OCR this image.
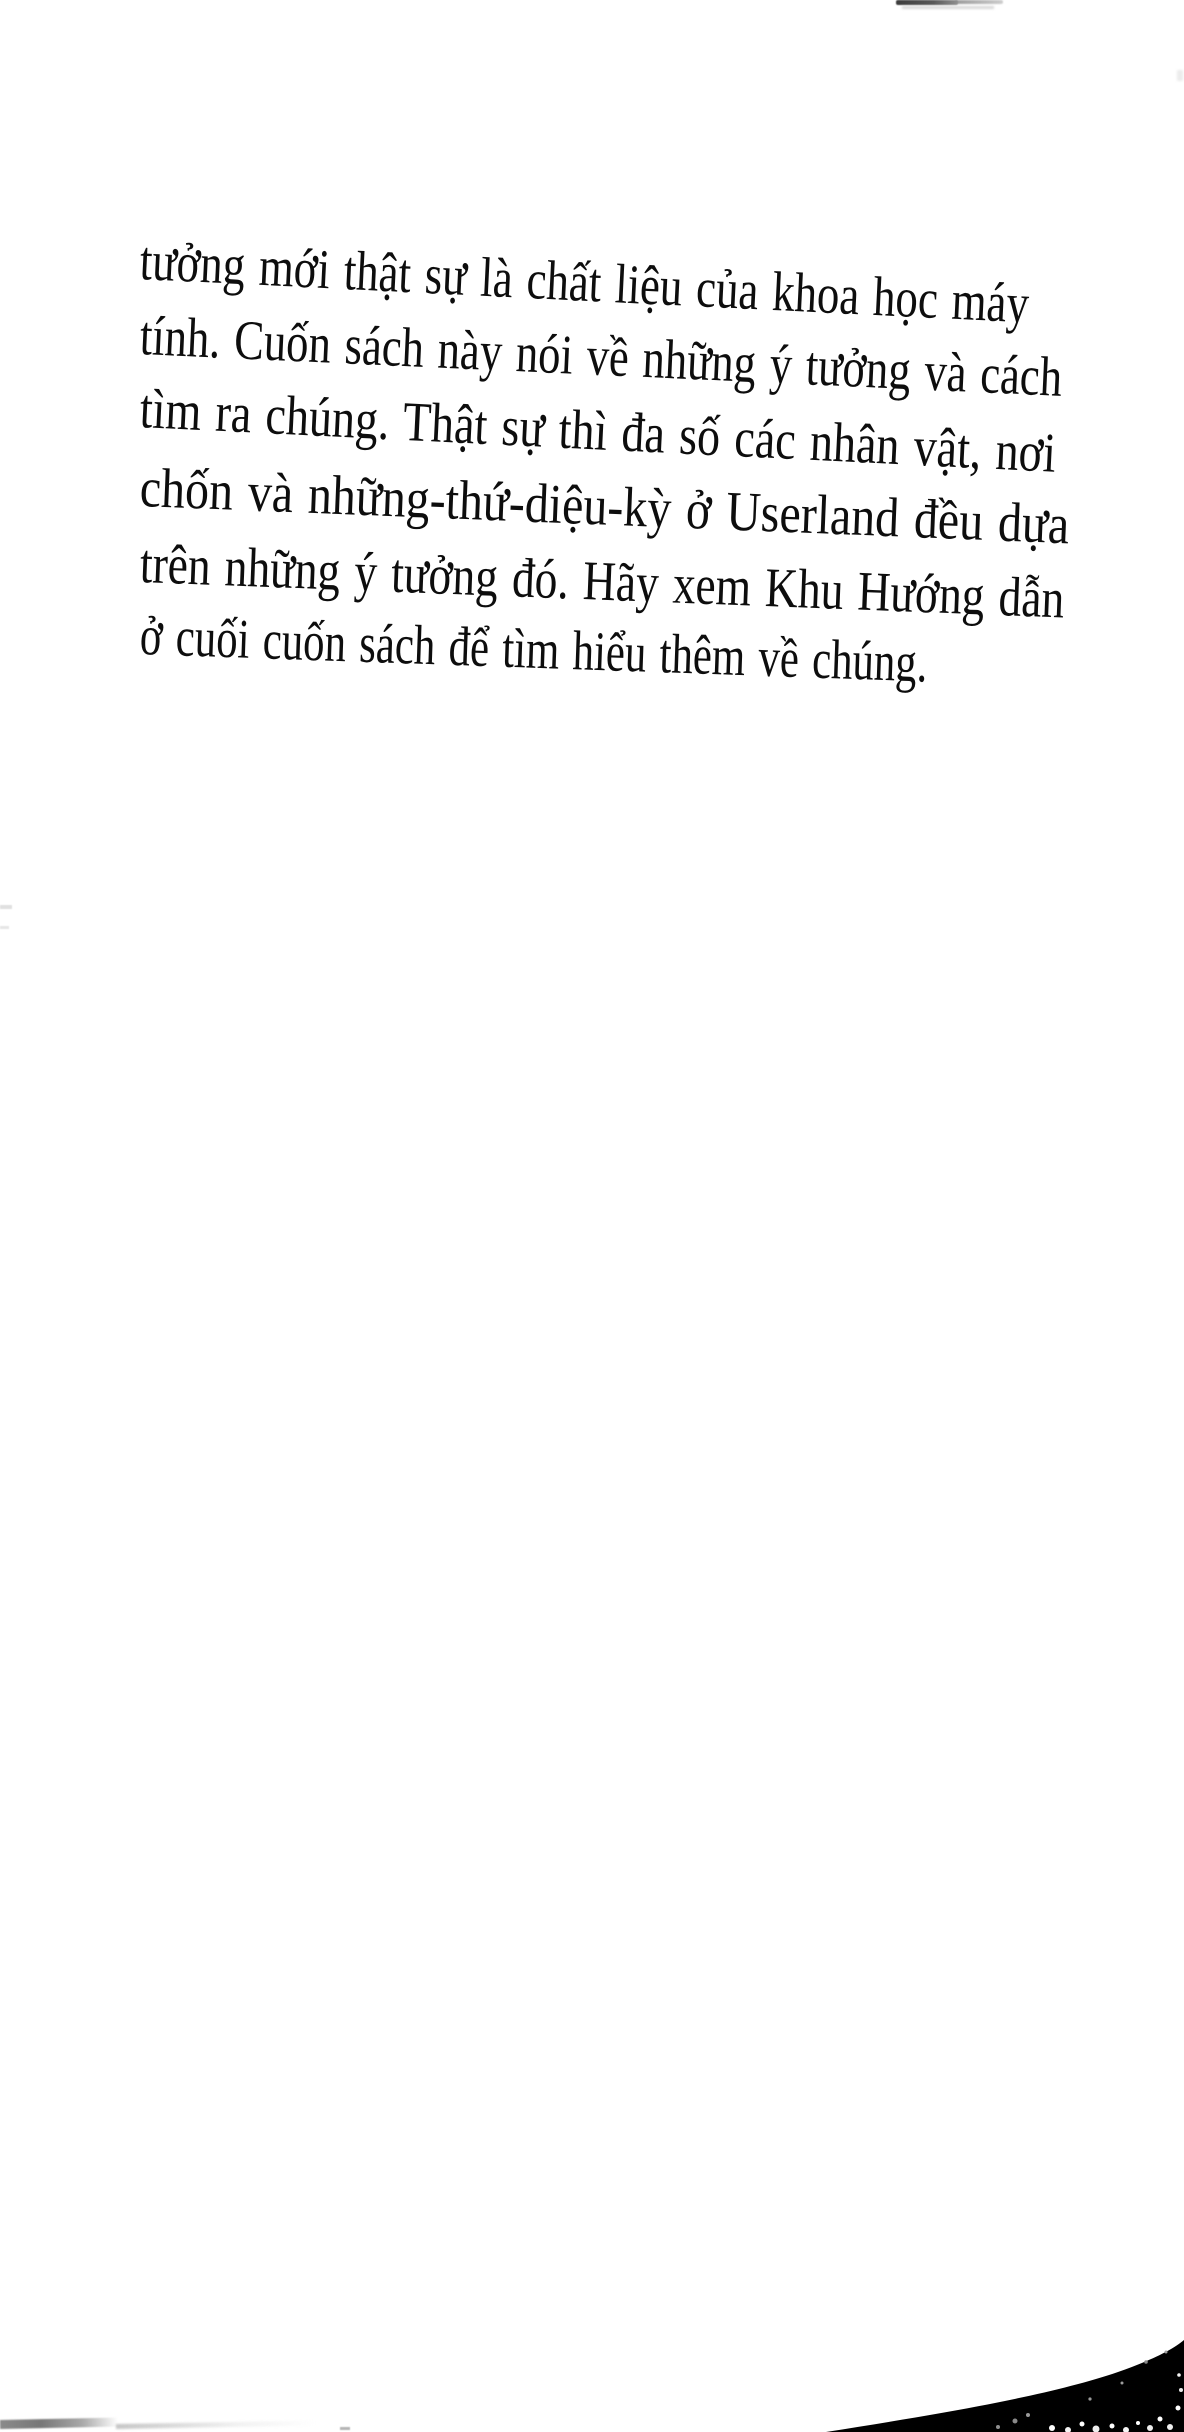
tưởng mới thật sự là chất liệu của khoa học máy
tính. Cuốn sách này nói về những ý tưởng và cách
tìm ra chúng. Thật sự thì đa số các nhân vật, nơi
chốn và những-thứ-diệu-kỳ ở Userland đều dựa
trên những ý tưởng đó. Hãy xem Khu Hướng dẫn
ở cuối cuốn sách để tìm hiểu thêm về chúng.
